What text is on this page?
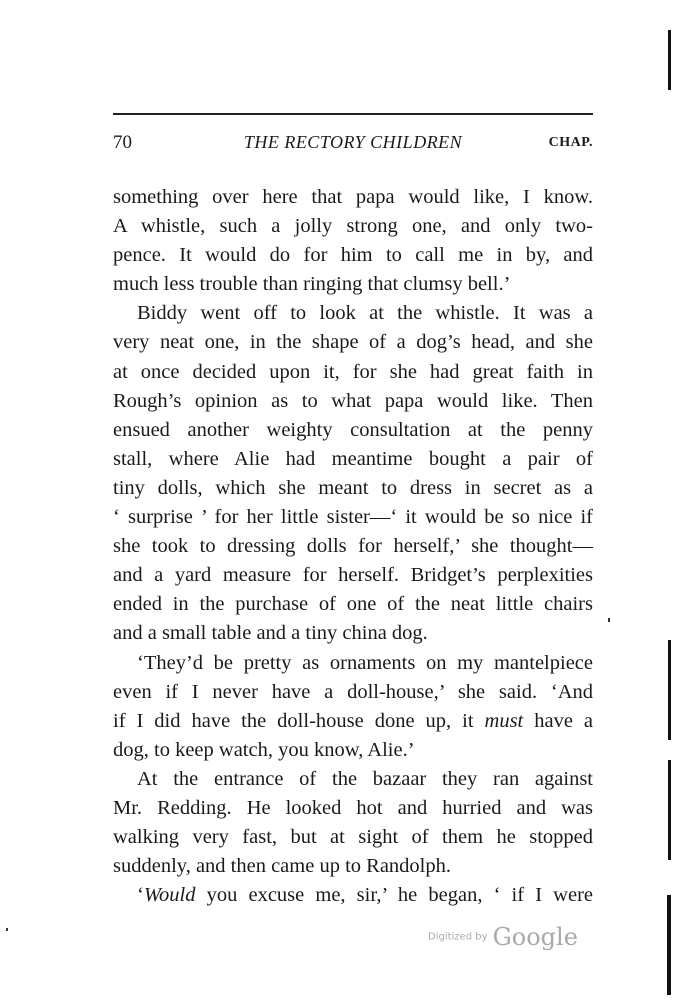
70	THE RECTORY CHILDREN	CHAP.
something over here that papa would like, I know.
A whistle, such a jolly strong one, and only two-
pence. It would do for him to call me in by, and
much less trouble than ringing that clumsy bell.’
Biddy went off to look at the whistle. It was a
very neat one, in the shape of a dog’s head, and she
at once decided upon it, for she had great faith in
Rough’s opinion as to what papa would like. Then
ensued another weighty consultation at the penny
stall, where Alie had meantime bought a pair of
tiny dolls, which she meant to dress in secret as a
‘ surprise ’ for her little sister—‘ it would be so nice if
she took to dressing dolls for herself,’ she thought—
and a yard measure for herself. Bridget’s perplexities
ended in the purchase of one of the neat little chairs
and a small table and a tiny china dog.
‘They’d be pretty as ornaments on my mantelpiece
even if I never have a doll-house,’ she said. ‘And
if I did have the doll-house done up, it must have a
dog, to keep watch, you know, Alie.’
At the entrance of the bazaar they ran against
Mr. Redding. He looked hot and hurried and was
walking very fast, but at sight of them he stopped
suddenly, and then came up to Randolph.
‘Would you excuse me, sir,’ he began, ‘ if I were
Digitized by Google
